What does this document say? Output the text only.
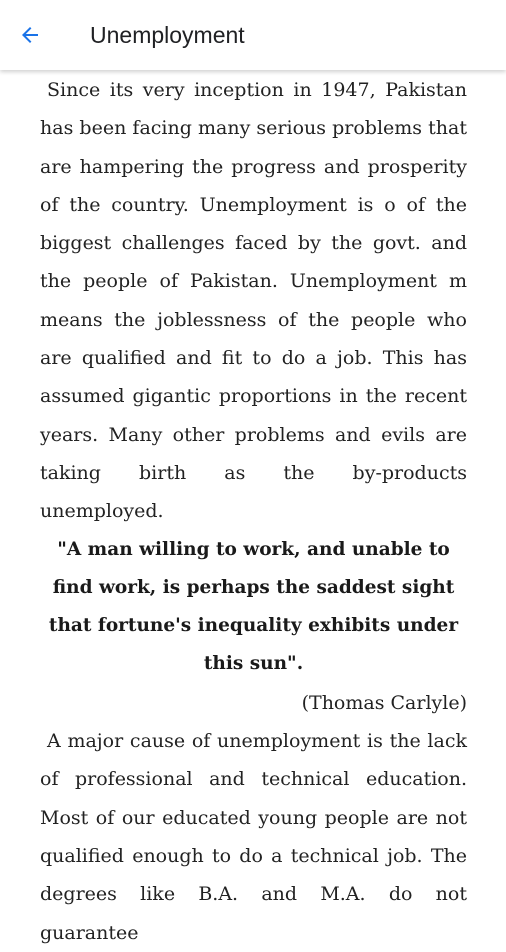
Unemployment

Since its very inception in 1947, Pakistan has been facing many serious problems that are hampering the progress and prosperity of the country. Unemployment is o of the biggest challenges faced by the govt. and the people of Pakistan. Unemployment m means the joblessness of the people who are qualified and fit to do a job. This has assumed gigantic proportions in the recent years. Many other problems and evils are taking birth as the by-products unemployed.

"A man willing to work, and unable to find work, is perhaps the saddest sight that fortune's inequality exhibits under this sun".

(Thomas Carlyle)

A major cause of unemployment is the lack of professional and technical education. Most of our educated young people are not qualified enough to do a technical job. The degrees like B.A. and M.A. do not guarantee
